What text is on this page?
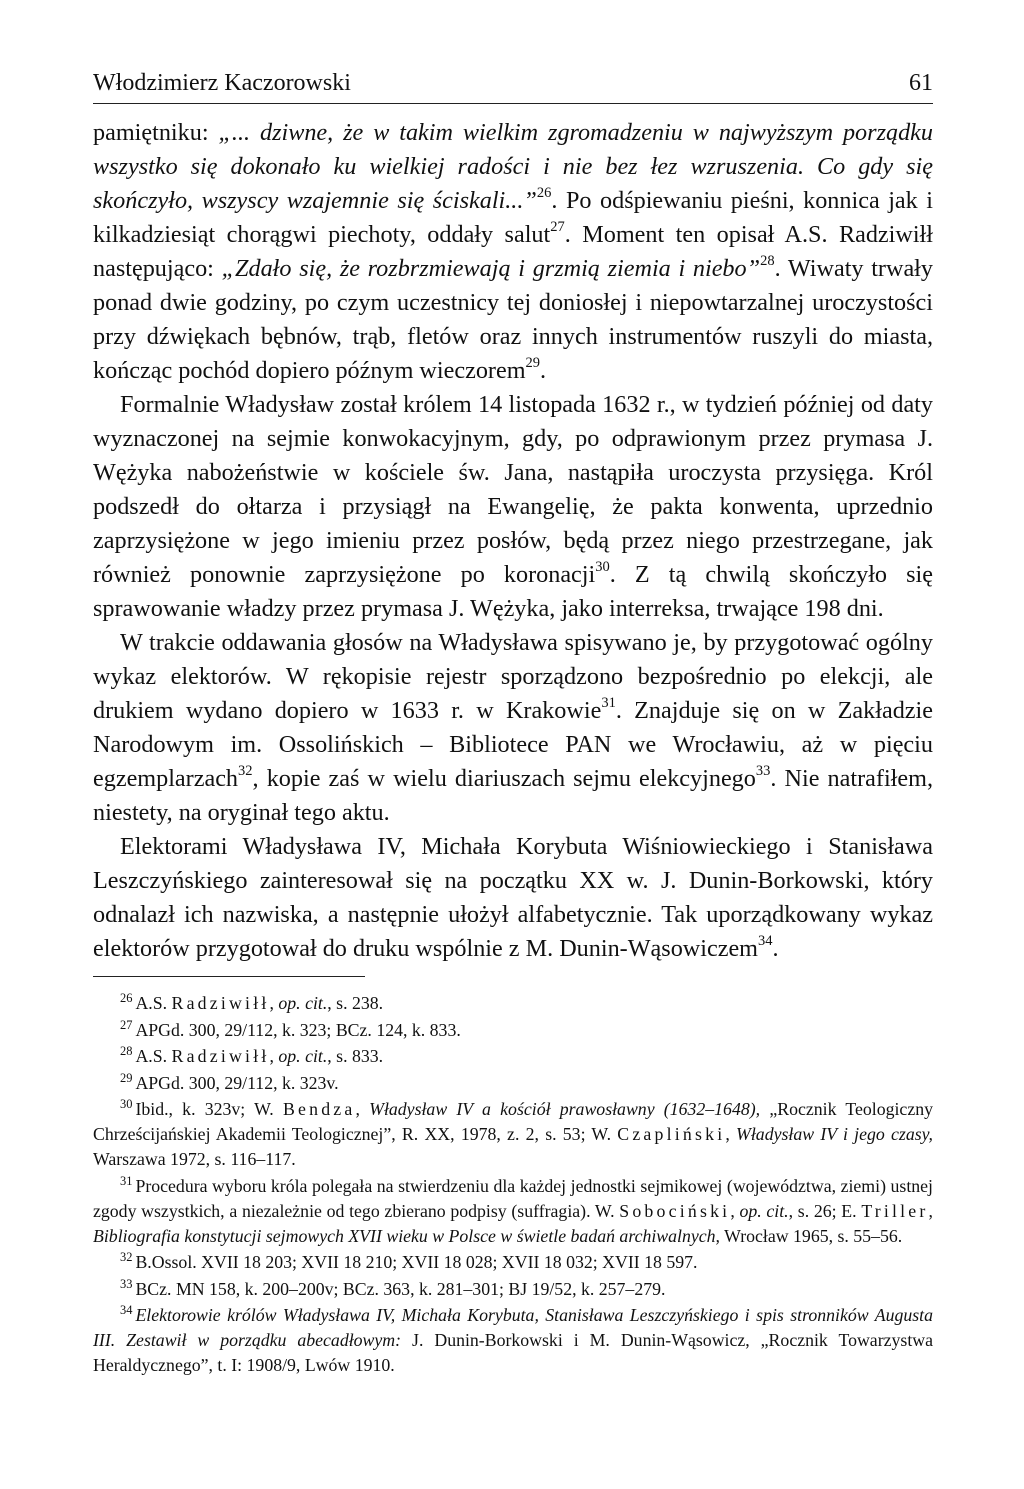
Włodzimierz Kaczorowski	61

pamiętniku: „... dziwne, że w takim wielkim zgromadzeniu w najwyższym porządku wszystko się dokonało ku wielkiej radości i nie bez łez wzruszenia. Co gdy się skończyło, wszyscy wzajemnie się ściskali...”$^{26}$. Po odśpiewaniu pieśni, konnica jak i kilkadziesiąt chorągwi piechoty, oddały salut$^{27}$. Moment ten opisał A.S. Radziwiłł następująco: „Zdało się, że rozbrzmiewają i grzmią ziemia i niebo”$^{28}$. Wiwaty trwały ponad dwie godziny, po czym uczestnicy tej doniosłej i niepowtarzalnej uroczystości przy dźwiękach bębnów, trąb, fletów oraz innych instrumentów ruszyli do miasta, kończąc pochód dopiero późnym wieczorem$^{29}$.

Formalnie Władysław został królem 14 listopada 1632 r., w tydzień później od daty wyznaczonej na sejmie konwokacyjnym, gdy, po odprawionym przez prymasa J. Wężyka nabożeństwie w kościele św. Jana, nastąpiła uroczysta przysięga. Król podszedł do ołtarza i przysiągł na Ewangelię, że pakta konwenta, uprzednio zaprzysiężone w jego imieniu przez posłów, będą przez niego przestrzegane, jak również ponownie zaprzysiężone po koronacji$^{30}$. Z tą chwilą skończyło się sprawowanie władzy przez prymasa J. Wężyka, jako interreksa, trwające 198 dni.

W trakcie oddawania głosów na Władysława spisywano je, by przygotować ogólny wykaz elektorów. W rękopisie rejestr sporządzono bezpośrednio po elekcji, ale drukiem wydano dopiero w 1633 r. w Krakowie$^{31}$. Znajduje się on w Zakładzie Narodowym im. Ossolińskich – Bibliotece PAN we Wrocławiu, aż w pięciu egzemplarzach$^{32}$, kopie zaś w wielu diariuszach sejmu elekcyjnego$^{33}$. Nie natrafiłem, niestety, na oryginał tego aktu.

Elektorami Władysława IV, Michała Korybuta Wiśniowieckiego i Stanisława Leszczyńskiego zainteresował się na początku XX w. J. Dunin-Borkowski, który odnalazł ich nazwiska, a następnie ułożył alfabetycznie. Tak uporządkowany wykaz elektorów przygotował do druku wspólnie z M. Dunin-Wąsowiczem$^{34}$.

$^{26}$ A.S. Radziwiłł, op. cit., s. 238.

$^{27}$ APGd. 300, 29/112, k. 323; BCz. 124, k. 833.

$^{28}$ A.S. Radziwiłł, op. cit., s. 833.

$^{29}$ APGd. 300, 29/112, k. 323v.

$^{30}$ Ibid., k. 323v; W. Bendza, Władysław IV a kościół prawosławny (1632–1648), „Rocznik Teologiczny Chrześcijańskiej Akademii Teologicznej”, R. XX, 1978, z. 2, s. 53; W. Czapliński, Władysław IV i jego czasy, Warszawa 1972, s. 116–117.

$^{31}$ Procedura wyboru króla polegała na stwierdzeniu dla każdej jednostki sejmikowej (województwa, ziemi) ustnej zgody wszystkich, a niezależnie od tego zbierano podpisy (suffragia). W. Sobociński, op. cit., s. 26; E. Triller, Bibliografia konstytucji sejmowych XVII wieku w Polsce w świetle badań archiwalnych, Wrocław 1965, s. 55–56.

$^{32}$ B.Ossol. XVII 18 203; XVII 18 210; XVII 18 028; XVII 18 032; XVII 18 597.

$^{33}$ BCz. MN 158, k. 200–200v; BCz. 363, k. 281–301; BJ 19/52, k. 257–279.

$^{34}$ Elektorowie królów Władysława IV, Michała Korybuta, Stanisława Leszczyńskiego i spis stronników Augusta III. Zestawił w porządku abecadłowym: J. Dunin-Borkowski i M. Dunin-Wąsowicz, „Rocznik Towarzystwa Heraldycznego”, t. I: 1908/9, Lwów 1910.
